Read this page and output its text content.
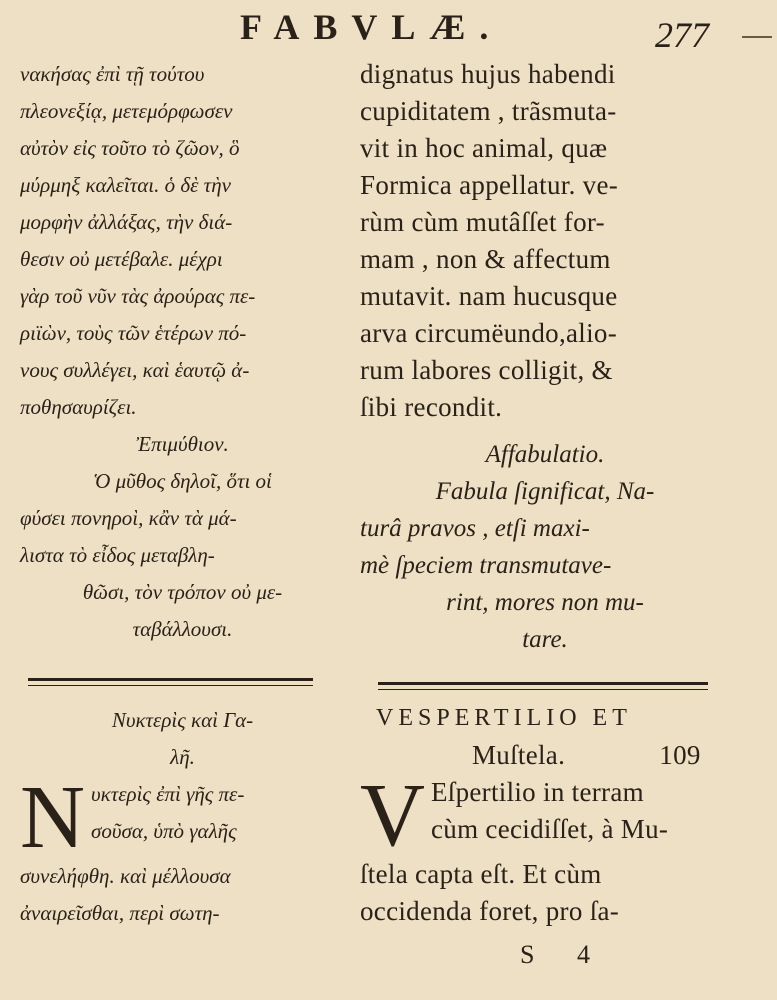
FABVLÆ.	277
νακήσας ἐπὶ τῇ τούτου
πλεονεξίᾳ, μετεμόρφωσεν
αὐτὸν εἰς τοῦτο τὸ ζῶον, ὃ
μύρμηξ καλεῖται. ὁ δὲ τὴν
μορφὴν ἀλλάξας, τὴν διά-
θεσιν οὐ μετέβαλε. μέχρι
γὰρ τοῦ νῦν τὰς ἀρούρας πε-
ριϊὼν, τοὺς τῶν ἑτέρων πό-
νους συλλέγει, καὶ ἑαυτῷ ἀ-
ποθησαυρίζει.
Ἐπιμύθιον.
Ὁ μῦθος δηλοῖ, ὅτι οἱ
φύσει πονηροὶ, κἂν τὰ μά-
λιστα τὸ εἶδος μεταβλη-
θῶσι, τὸν τρόπον οὐ με-
ταβάλλουσι.
Νυκτερὶς καὶ Γα-
λῆ.
N υκτερὶς ἐπὶ γῆς πε-
σοῦσα, ὑπὸ γαλῆς
συνελήφθη. καὶ μέλλουσα
ἀναιρεῖσθαι, περὶ σωτη-
dignatus hujus habendi
cupiditatem , trãsmuta-
vit in hoc animal, quæ
Formica appellatur. ve-
rùm cùm mutâſſet for-
mam , non & affectum
mutavit. nam hucusque
arva circumëundo,alio-
rum labores colligit, &
ſibi recondit.
Affabulatio.
Fabula ſignificat, Na-
turâ pravos , etſi maxi-
mè ſpeciem transmutave-
rint, mores non mu-
tare.
VESPERTILIO ET
Muſtela.	109
V Eſpertilio in terram
cùm cecidiſſet, à Mu-
ſtela capta eſt. Et cùm
occidenda foret, pro ſa-
S 4
